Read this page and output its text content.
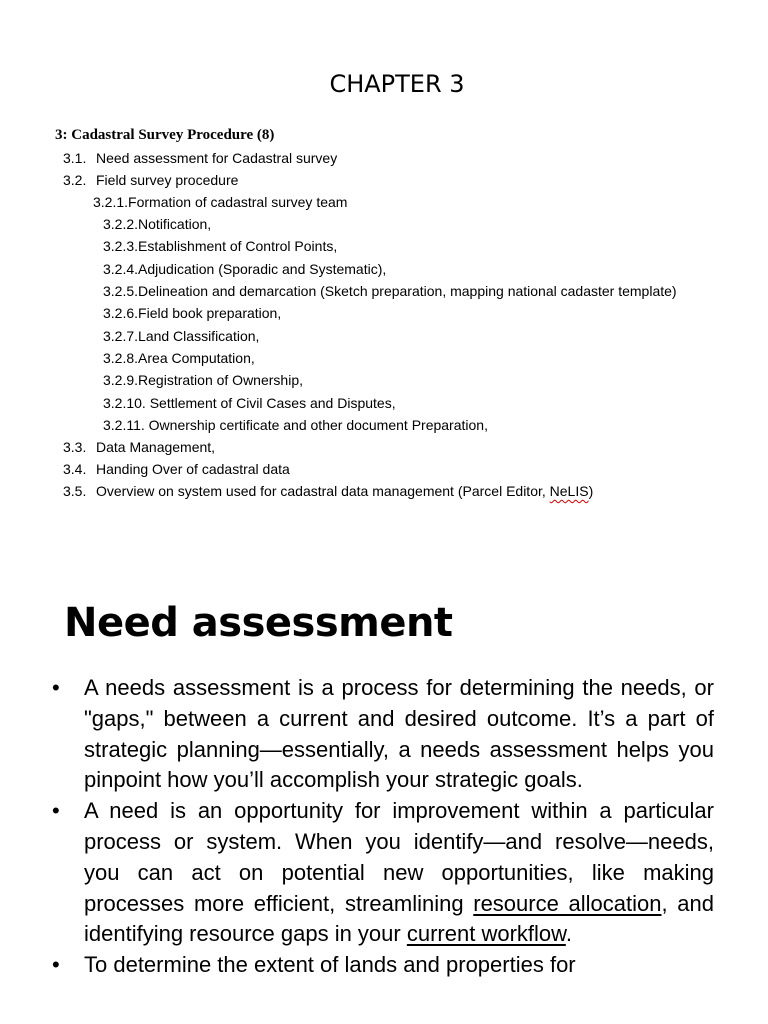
CHAPTER 3
3: Cadastral Survey Procedure (8)
3.1. Need assessment for Cadastral survey
3.2. Field survey procedure
3.2.1.Formation of cadastral survey team
3.2.2.Notification,
3.2.3.Establishment of Control Points,
3.2.4.Adjudication (Sporadic and Systematic),
3.2.5.Delineation and demarcation (Sketch preparation, mapping national cadaster template)
3.2.6.Field book preparation,
3.2.7.Land Classification,
3.2.8.Area Computation,
3.2.9.Registration of Ownership,
3.2.10. Settlement of Civil Cases and Disputes,
3.2.11. Ownership certificate and other document Preparation,
3.3. Data Management,
3.4. Handing Over of cadastral data
3.5. Overview on system used for cadastral data management (Parcel Editor, NeLIS)
Need assessment
• A needs assessment is a process for determining the needs, or "gaps," between a current and desired outcome. It’s a part of strategic planning—essentially, a needs assessment helps you pinpoint how you’ll accomplish your strategic goals.
• A need is an opportunity for improvement within a particular process or system. When you identify—and resolve—needs, you can act on potential new opportunities, like making processes more efficient, streamlining resource allocation, and identifying resource gaps in your current workflow.
• To determine the extent of lands and properties for
